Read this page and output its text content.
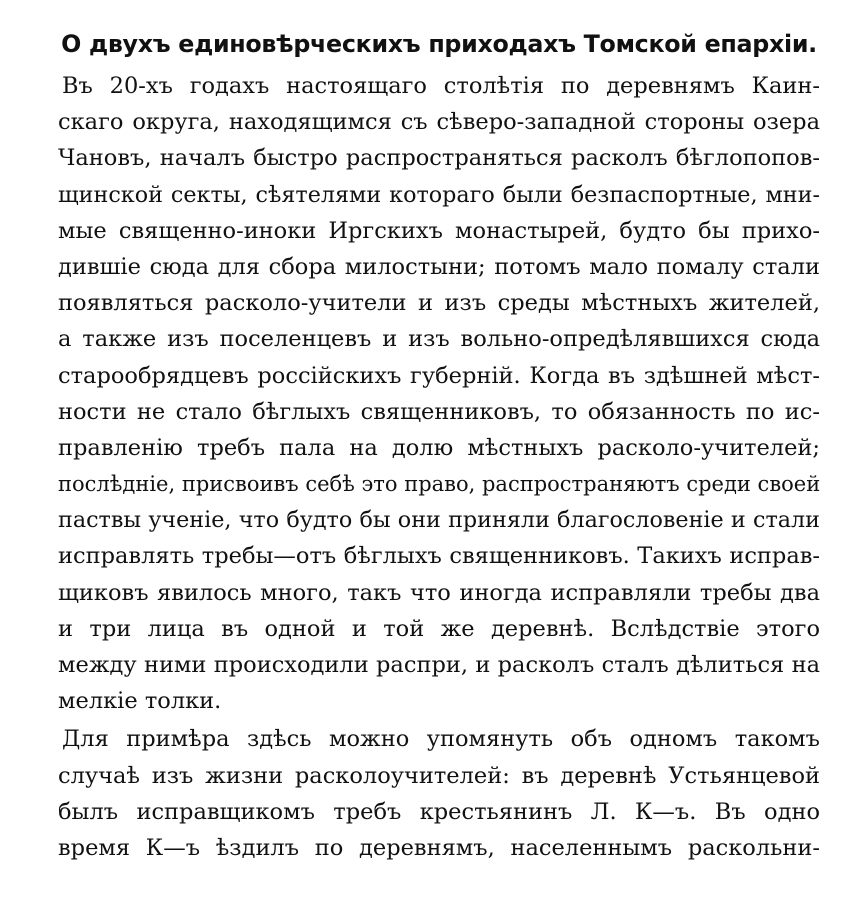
О двухъ единовѣрческихъ приходахъ Томской епархіи.
Въ 20-хъ годахъ настоящаго столѣтія по деревнямъ Каин-
скаго округа, находящимся съ сѣверо-западной стороны озера
Чановъ, началъ быстро распространяться расколъ бѣглопопов-
щинской секты, сѣятелями котораго были безпаспортные, мни-
мые священно-иноки Иргскихъ монастырей, будто бы прихо-
дившіе сюда для сбора милостыни; потомъ мало помалу стали
появляться расколо-учители и изъ среды мѣстныхъ жителей,
а также изъ поселенцевъ и изъ вольно-опредѣлявшихся сюда
старообрядцевъ россійскихъ губерній. Когда въ здѣшней мѣст-
ности не стало бѣглыхъ священниковъ, то обязанность по ис-
правленію требъ пала на долю мѣстныхъ расколо-учителей;
послѣдніе, присвоивъ себѣ это право, распространяютъ среди своей
паствы ученіе, что будто бы они приняли благословеніе и стали
исправлять требы—отъ бѣглыхъ священниковъ. Такихъ исправ-
щиковъ явилось много, такъ что иногда исправляли требы два
и три лица въ одной и той же деревнѣ. Вслѣдствіе этого
между ними происходили распри, и расколъ сталъ дѣлиться на
мелкіе толки.
Для примѣра здѣсь можно упомянуть объ одномъ такомъ
случаѣ изъ жизни расколоучителей: въ деревнѣ Устьянцевой
былъ исправщикомъ требъ крестьянинъ Л. К—ъ. Въ одно
время К—ъ ѣздилъ по деревнямъ, населеннымъ раскольни-
